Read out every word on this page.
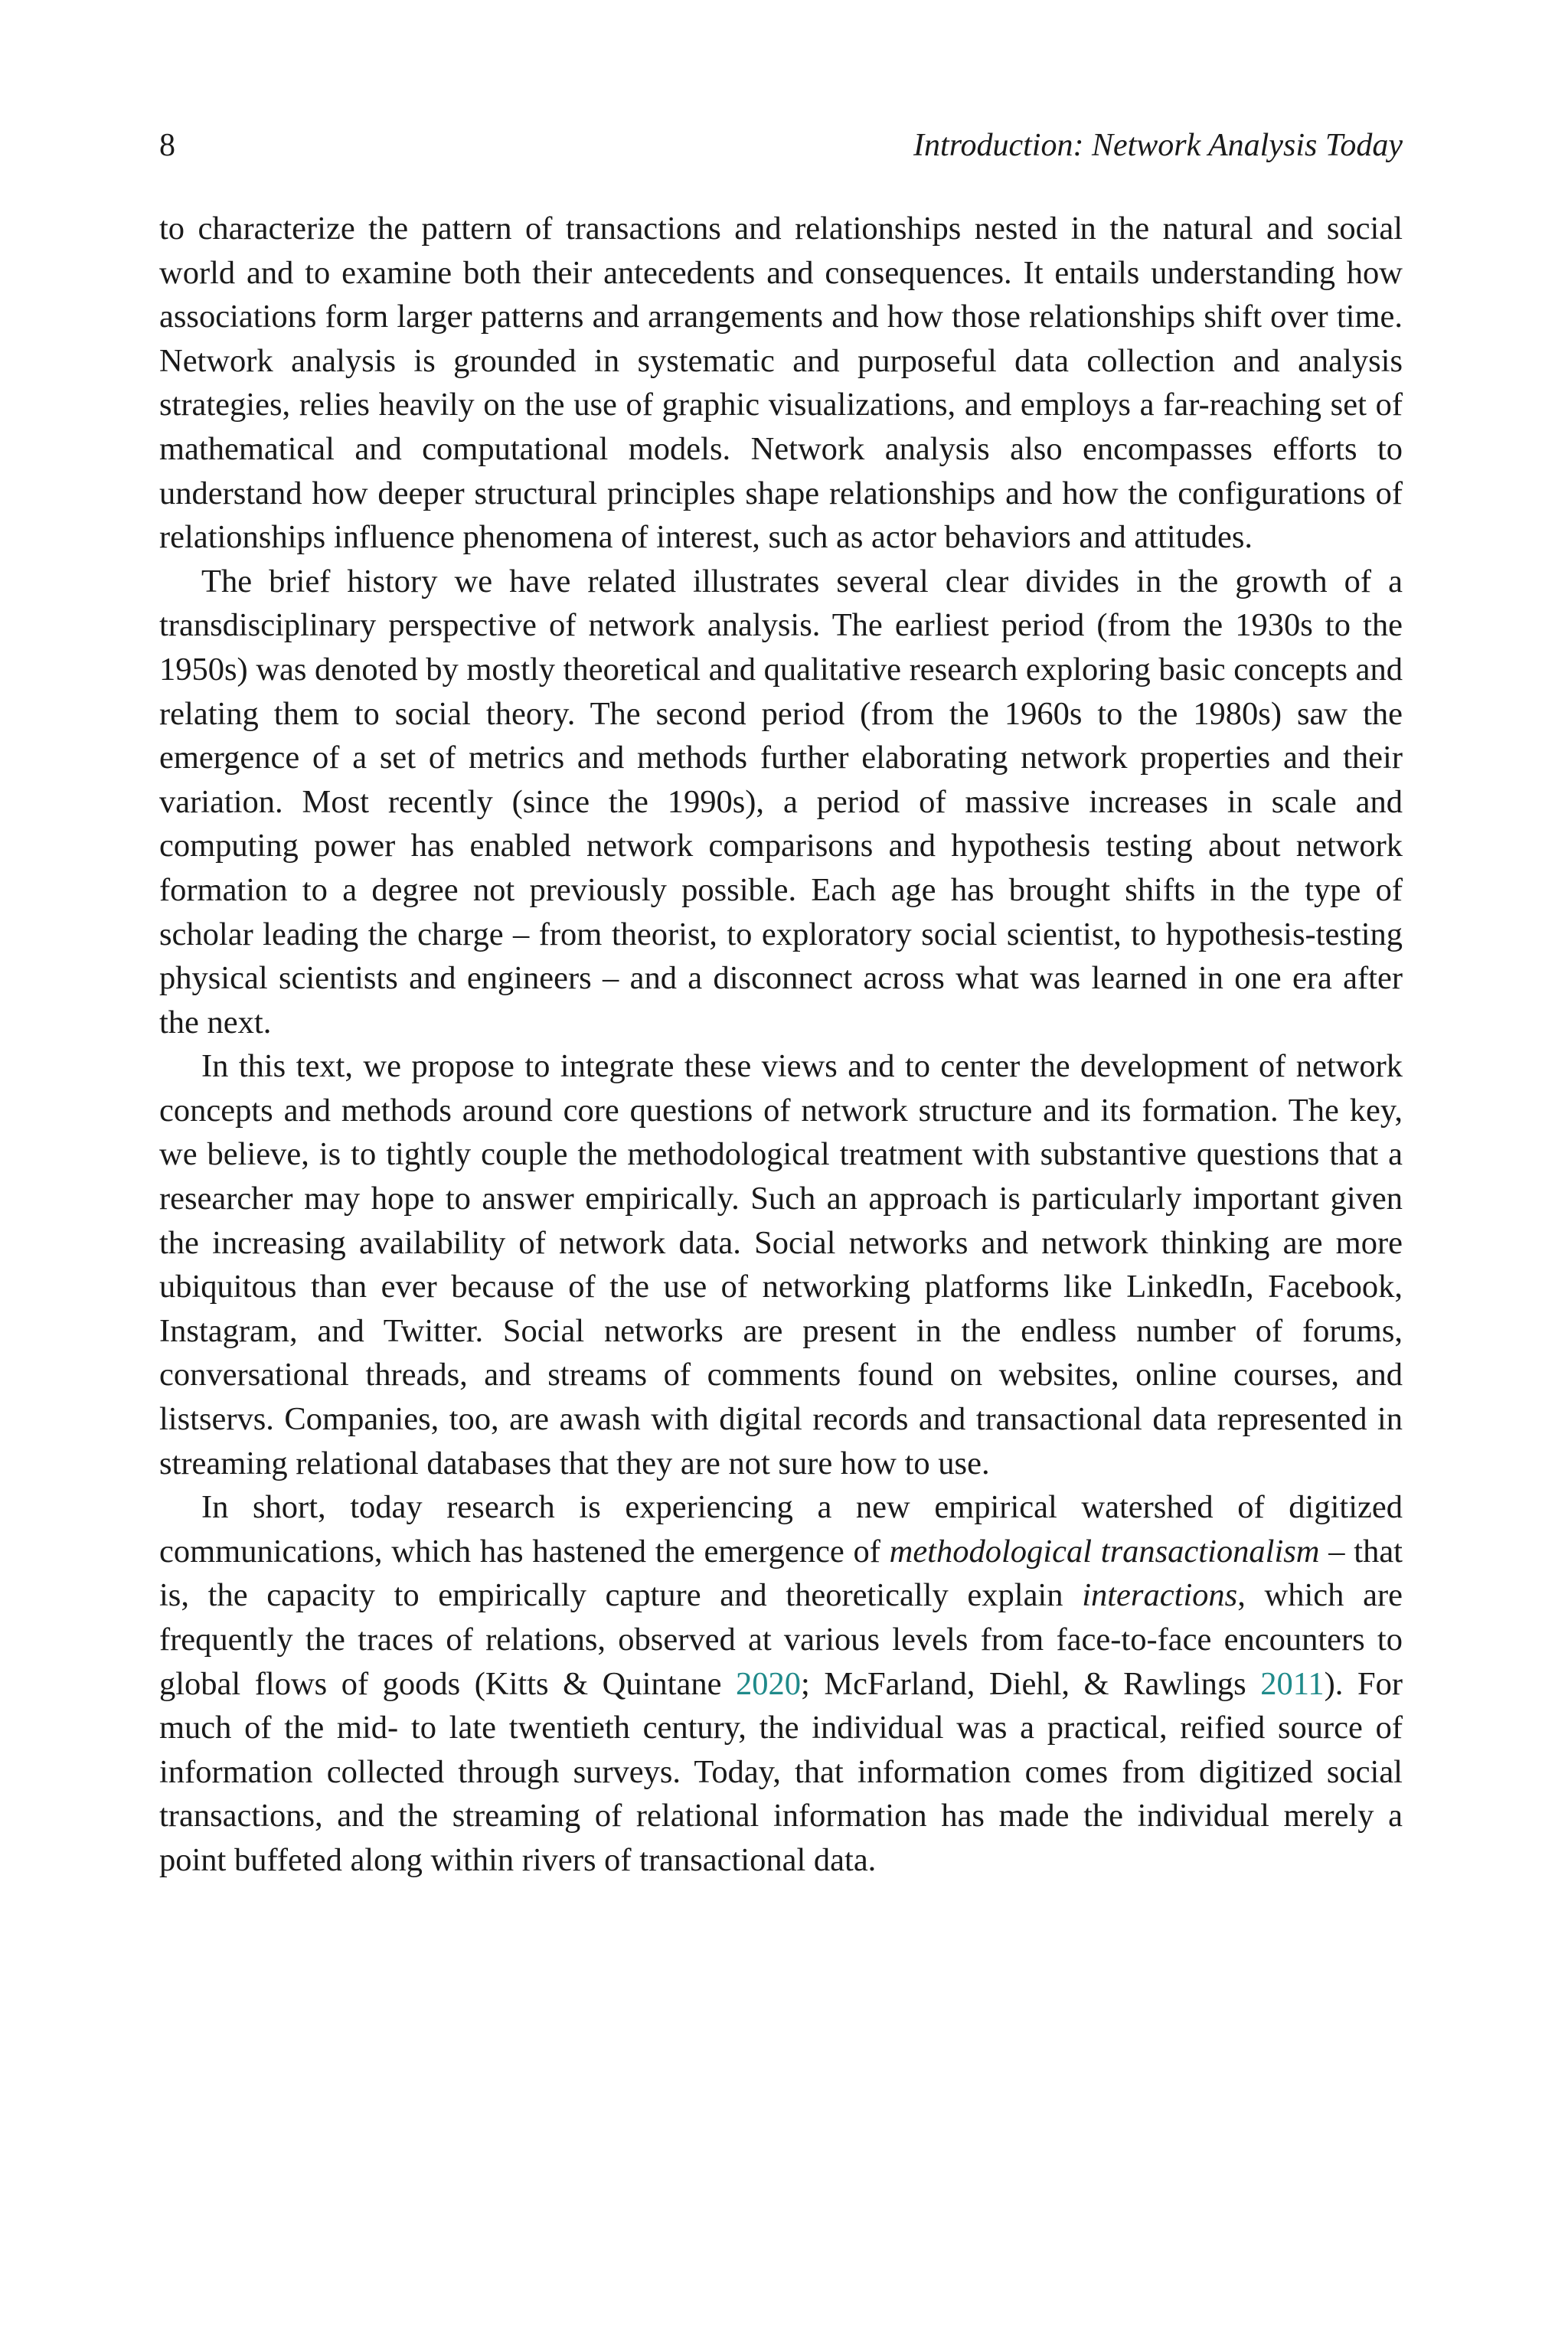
8	Introduction: Network Analysis Today

to characterize the pattern of transactions and relationships nested in the natural and social world and to examine both their antecedents and consequences. It entails understanding how associations form larger patterns and arrangements and how those relationships shift over time. Network analysis is grounded in systematic and purposeful data collection and analysis strategies, relies heavily on the use of graphic visualizations, and employs a far-reaching set of mathematical and computational models. Network analysis also encompasses efforts to understand how deeper structural principles shape relationships and how the configurations of relationships influence phenomena of interest, such as actor behaviors and attitudes.

The brief history we have related illustrates several clear divides in the growth of a transdisciplinary perspective of network analysis. The earliest period (from the 1930s to the 1950s) was denoted by mostly theoretical and qualitative research exploring basic concepts and relating them to social theory. The second period (from the 1960s to the 1980s) saw the emergence of a set of metrics and methods further elaborating network properties and their variation. Most recently (since the 1990s), a period of massive increases in scale and computing power has enabled network comparisons and hypothesis testing about network formation to a degree not previously possible. Each age has brought shifts in the type of scholar leading the charge – from theorist, to exploratory social scientist, to hypothesis-testing physical scientists and engineers – and a disconnect across what was learned in one era after the next.

In this text, we propose to integrate these views and to center the development of network concepts and methods around core questions of network structure and its formation. The key, we believe, is to tightly couple the methodological treatment with substantive questions that a researcher may hope to answer empirically. Such an approach is particularly important given the increasing availability of network data. Social networks and network thinking are more ubiquitous than ever because of the use of networking platforms like LinkedIn, Facebook, Instagram, and Twitter. Social networks are present in the endless number of forums, conversational threads, and streams of comments found on websites, online courses, and listservs. Companies, too, are awash with digital records and transactional data represented in streaming relational databases that they are not sure how to use.

In short, today research is experiencing a new empirical watershed of digitized communications, which has hastened the emergence of methodological transactionalism – that is, the capacity to empirically capture and theoretically explain interactions, which are frequently the traces of relations, observed at various levels from face-to-face encounters to global flows of goods (Kitts & Quintane 2020; McFarland, Diehl, & Rawlings 2011). For much of the mid- to late twentieth century, the individual was a practical, reified source of information collected through surveys. Today, that information comes from digitized social transactions, and the streaming of relational information has made the individual merely a point buffeted along within rivers of transactional data.
